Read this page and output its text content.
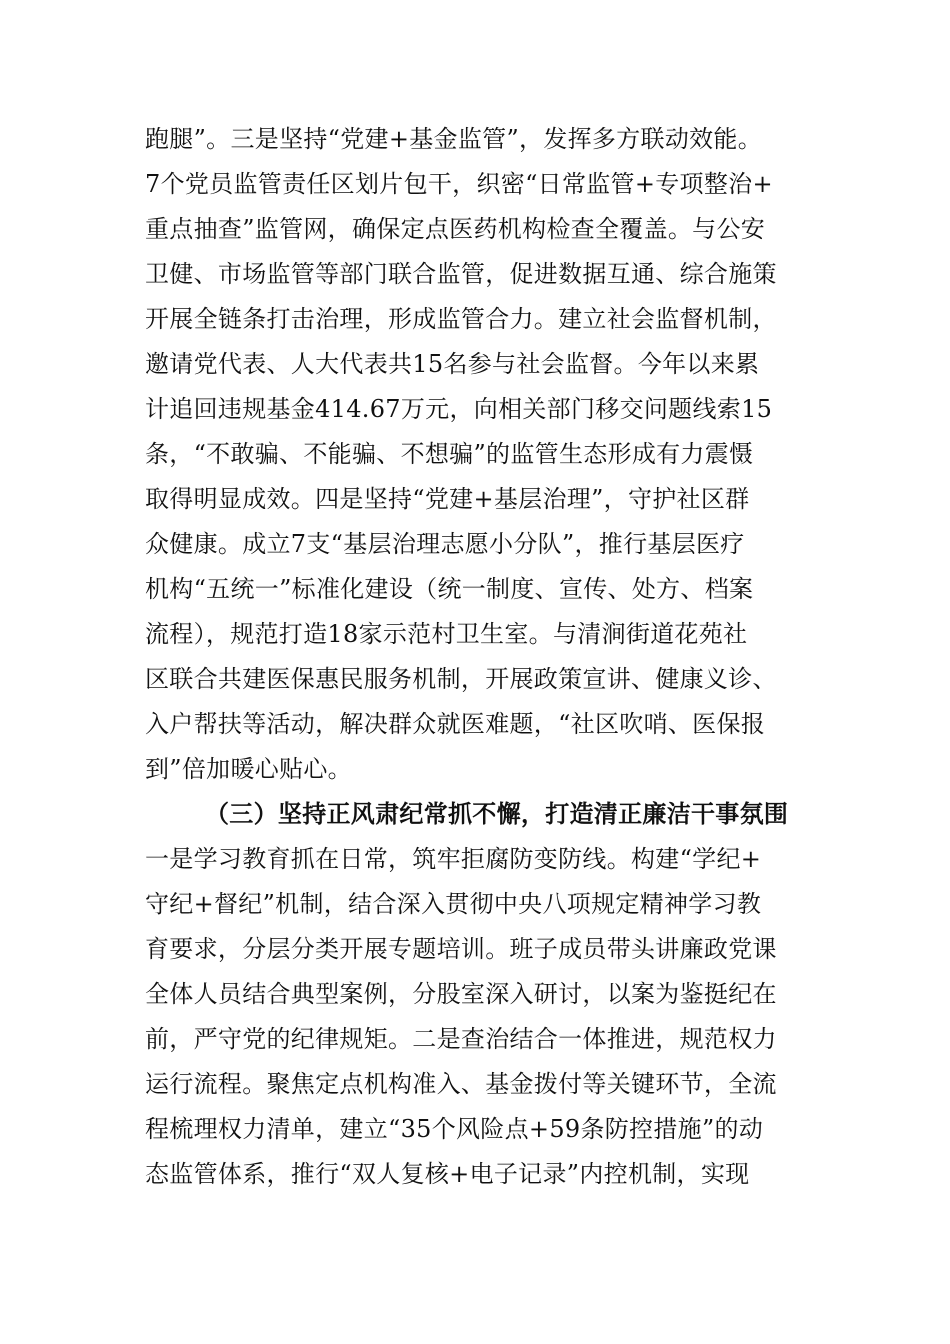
跑腿”。三是坚持“党建+基金监管”，发挥多方联动效能。
7个党员监管责任区划片包干，织密“日常监管+专项整治+
重点抽查”监管网，确保定点医药机构检查全覆盖。与公安
卫健、市场监管等部门联合监管，促进数据互通、综合施策
开展全链条打击治理，形成监管合力。建立社会监督机制，
邀请党代表、人大代表共15名参与社会监督。今年以来累
计追回违规基金414.67万元，向相关部门移交问题线索15
条，“不敢骗、不能骗、不想骗”的监管生态形成有力震慑
取得明显成效。四是坚持“党建+基层治理”，守护社区群
众健康。成立7支“基层治理志愿小分队”，推行基层医疗
机构“五统一”标准化建设（统一制度、宣传、处方、档案
流程），规范打造18家示范村卫生室。与清涧街道花苑社
区联合共建医保惠民服务机制，开展政策宣讲、健康义诊、
入户帮扶等活动，解决群众就医难题，“社区吹哨、医保报
到”倍加暖心贴心。
（三）坚持正风肃纪常抓不懈，打造清正廉洁干事氛围
一是学习教育抓在日常，筑牢拒腐防变防线。构建“学纪+
守纪+督纪”机制，结合深入贯彻中央八项规定精神学习教
育要求，分层分类开展专题培训。班子成员带头讲廉政党课
全体人员结合典型案例，分股室深入研讨，以案为鉴挺纪在
前，严守党的纪律规矩。二是查治结合一体推进，规范权力
运行流程。聚焦定点机构准入、基金拨付等关键环节，全流
程梳理权力清单，建立“35个风险点+59条防控措施”的动
态监管体系，推行“双人复核+电子记录”内控机制，实现
